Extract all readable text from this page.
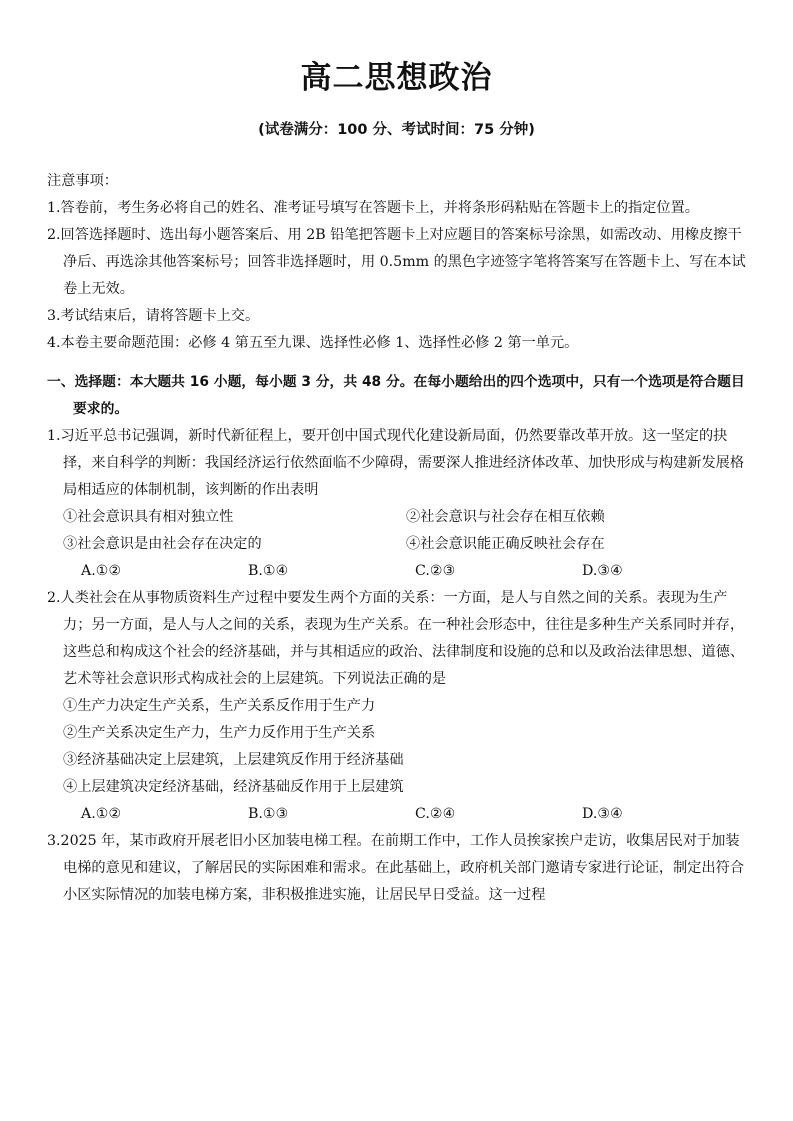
高二思想政治
(试卷满分：100 分、考试时间：75 分钟)

注意事项：

1.答卷前，考生务必将自己的姓名、准考证号填写在答题卡上，并将条形码粘贴在答题卡上的指定位置。

2.回答选择题时、选出每小题答案后、用 2B 铅笔把答题卡上对应题目的答案标号涂黑，如需改动、用橡皮擦干净后、再选涂其他答案标号；回答非选择题时，用 0.5mm 的黑色字迹签字笔将答案写在答题卡上、写在本试卷上无效。

3.考试结束后，请将答题卡上交。

4.本卷主要命题范围：必修 4 第五至九课、选择性必修 1、选择性必修 2 第一单元。

一、选择题：本大题共 16 小题，每小题 3 分，共 48 分。在每小题给出的四个选项中，只有一个选项是符合题目要求的。

1.习近平总书记强调，新时代新征程上，要开创中国式现代化建设新局面，仍然要靠改革开放。这一坚定的抉择，来自科学的判断：我国经济运行依然面临不少障碍，需要深人推进经济体改革、加快形成与构建新发展格局相适应的体制机制，该判断的作出表明

①社会意识具有相对独立性	②社会意识与社会存在相互依赖
③社会意识是由社会存在决定的	④社会意识能正确反映社会存在
A.①②	B.①④	C.②③	D.③④

2.人类社会在从事物质资料生产过程中要发生两个方面的关系：一方面，是人与自然之间的关系。表现为生产力；另一方面，是人与人之间的关系，表现为生产关系。在一种社会形态中，往往是多种生产关系同时并存，这些总和构成这个社会的经济基础，并与其相适应的政治、法律制度和设施的总和以及政治法律思想、道德、艺术等社会意识形式构成社会的上层建筑。下列说法正确的是

①生产力决定生产关系，生产关系反作用于生产力

②生产关系决定生产力，生产力反作用于生产关系

③经济基础决定上层建筑，上层建筑反作用于经济基础

④上层建筑决定经济基础，经济基础反作用于上层建筑

A.①②	B.①③	C.②④	D.③④

3.2025 年，某市政府开展老旧小区加装电梯工程。在前期工作中，工作人员挨家挨户走访，收集居民对于加装电梯的意见和建议，了解居民的实际困难和需求。在此基础上，政府机关部门邀请专家进行论证，制定出符合小区实际情况的加装电梯方案，非积极推进实施，让居民早日受益。这一过程
